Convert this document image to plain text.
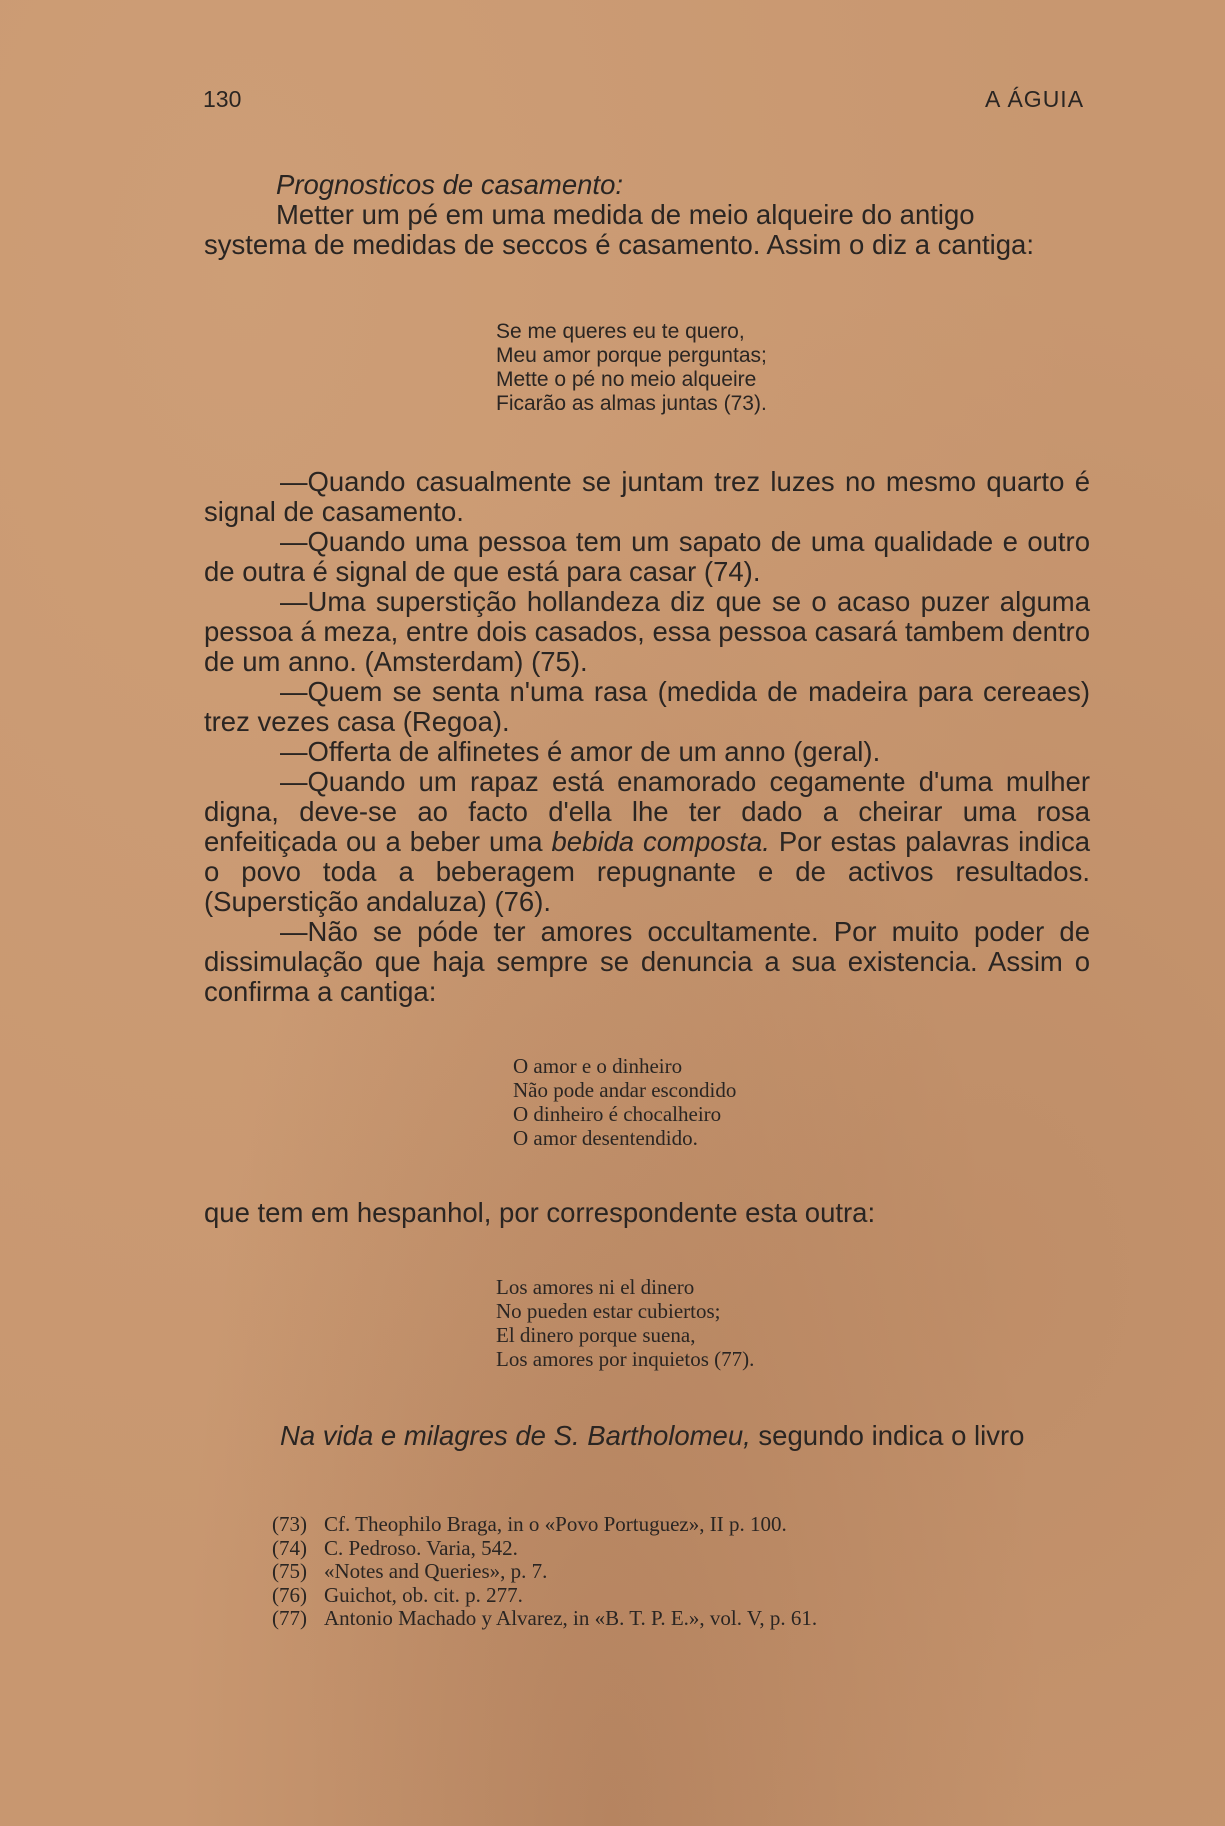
130	A ÁGUIA
Prognosticos de casamento:
Metter um pé em uma medida de meio alqueire do antigo
systema de medidas de seccos é casamento. Assim o diz a cantiga:
Se me queres eu te quero,
Meu amor porque perguntas;
Mette o pé no meio alqueire
Ficarão as almas juntas (73).

—Quando casualmente se juntam trez luzes no mesmo quarto é signal de casamento.

—Quando uma pessoa tem um sapato de uma qualidade e outro de outra é signal de que está para casar (74).

—Uma superstição hollandeza diz que se o acaso puzer alguma pessoa á meza, entre dois casados, essa pessoa casará tambem dentro de um anno. (Amsterdam) (75).

—Quem se senta n'uma rasa (medida de madeira para cereaes) trez vezes casa (Regoa).

—Offerta de alfinetes é amor de um anno (geral).

—Quando um rapaz está enamorado cegamente d'uma mulher digna, deve-se ao facto d'ella lhe ter dado a cheirar uma rosa enfeitiçada ou a beber uma bebida composta. Por estas palavras indica o povo toda a beberagem repugnante e de activos resultados. (Superstição andaluza) (76).

—Não se póde ter amores occultamente. Por muito poder de dissimulação que haja sempre se denuncia a sua existencia. Assim o confirma a cantiga:

O amor e o dinheiro
Não pode andar escondido
O dinheiro é chocalheiro
O amor desentendido.
que tem em hespanhol, por correspondente esta outra:
Los amores ni el dinero
No pueden estar cubiertos;
El dinero porque suena,
Los amores por inquietos (77).
Na vida e milagres de S. Bartholomeu, segundo indica o livro
(73) Cf. Theophilo Braga, in o «Povo Portuguez», II p. 100.
(74) C. Pedroso. Varia, 542.
(75) «Notes and Queries», p. 7.
(76) Guichot, ob. cit. p. 277.
(77) Antonio Machado y Alvarez, in «B. T. P. E.», vol. V, p. 61.
